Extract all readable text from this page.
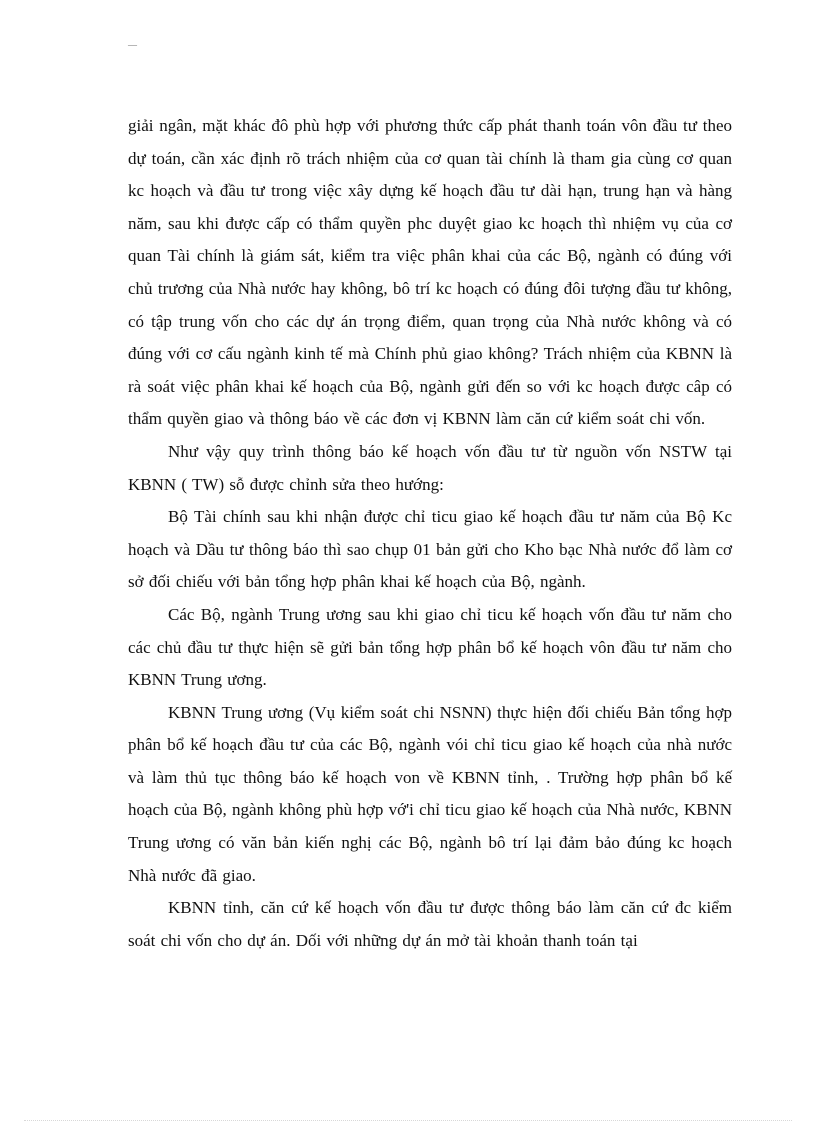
—

giải ngân, mặt khác đô phù hợp với phương thức cấp phát thanh toán vôn đầu tư theo dự toán, cần xác định rõ trách nhiệm của cơ quan tài chính là tham gia cùng cơ quan kc hoạch và đầu tư trong việc xây dựng kế hoạch đầu tư dài hạn, trung hạn và hàng năm, sau khi được cấp có thẩm quyền phc duyệt giao kc hoạch thì nhiệm vụ của cơ quan Tài chính là giám sát, kiểm tra việc phân khai của các Bộ, ngành có đúng với chủ trương của Nhà nước hay không, bô trí kc hoạch có đúng đôi tượng đầu tư không, có tập trung vốn cho các dự án trọng điểm, quan trọng của Nhà nước không và có đúng với cơ cấu ngành kinh tế mà Chính phủ giao không? Trách nhiệm của KBNN là rà soát việc phân khai kế hoạch của Bộ, ngành gửi đến so với kc hoạch được câp có thẩm quyền giao và thông báo về các đơn vị KBNN làm căn cứ kiểm soát chi vốn.

Như vậy quy trình thông báo kế hoạch vốn đầu tư từ nguồn vốn NSTW tại KBNN ( TW) sỗ được chỉnh sửa theo hướng:

Bộ Tài chính sau khi nhận được chỉ ticu giao kế hoạch đầu tư năm của Bộ Kc hoạch và Dầu tư thông báo thì sao chụp 01 bản gửi cho Kho bạc Nhà nước đổ làm cơ sở đối chiếu với bản tổng hợp phân khai kế hoạch của Bộ, ngành.

Các Bộ, ngành Trung ương sau khi giao chỉ ticu kế hoạch vốn đầu tư năm cho các chủ đầu tư thực hiện sẽ gửi bản tổng hợp phân bổ kế hoạch vôn đầu tư năm cho KBNN Trung ương.

KBNN Trung ương (Vụ kiểm soát chi NSNN) thực hiện đối chiếu Bản tổng hợp phân bổ kế hoạch đầu tư của các Bộ, ngành vói chỉ ticu giao kế hoạch của nhà nước và làm thủ tục thông báo kế hoạch von về KBNN tỉnh, . Trường hợp phân bổ kế hoạch của Bộ, ngành không phù hợp vớ'i chỉ ticu giao kế hoạch của Nhà nước, KBNN Trung ương có văn bản kiến nghị các Bộ, ngành bô trí lại đảm bảo đúng kc hoạch Nhà nước đã giao.

KBNN tỉnh, căn cứ kế hoạch vốn đầu tư được thông báo làm căn cứ đc kiểm soát chi vốn cho dự án. Dối với những dự án mở tài khoản thanh toán tại
